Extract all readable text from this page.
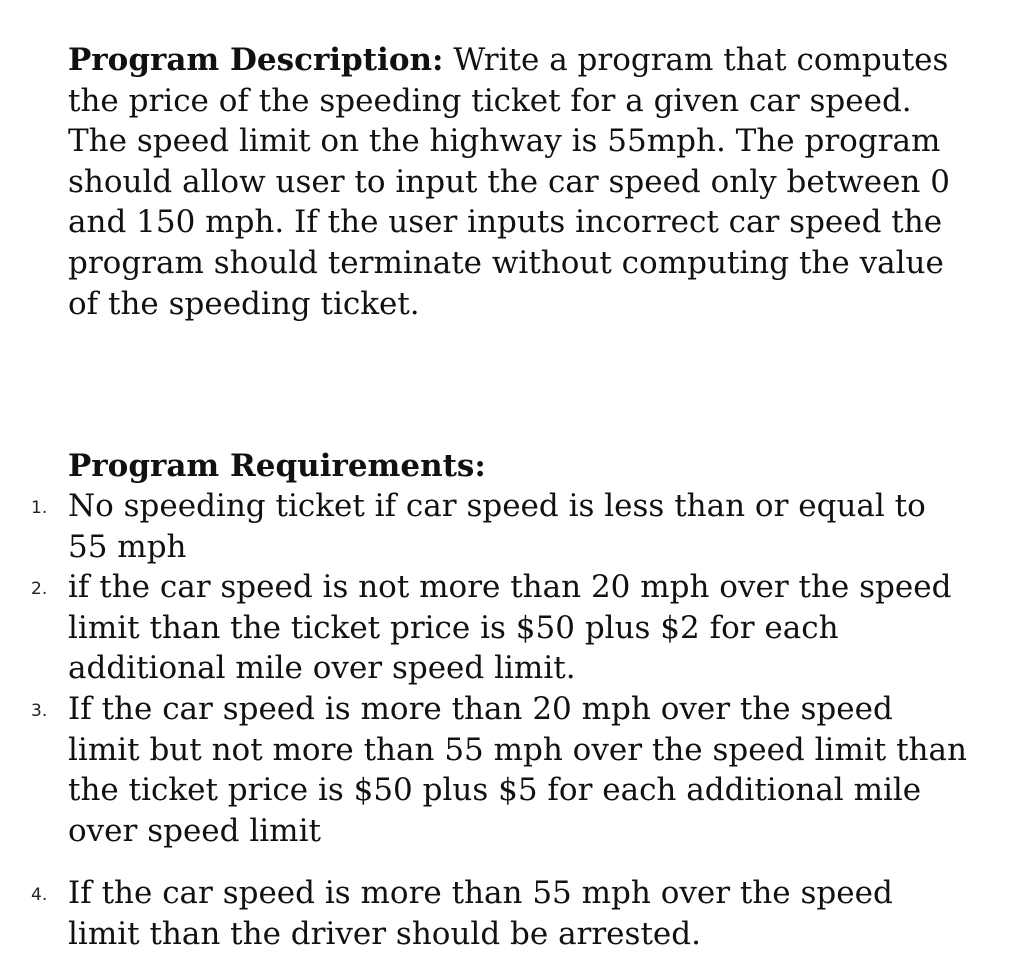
Program Description: Write a program that computes the price of the speeding ticket for a given car speed. The speed limit on the highway is 55mph. The program should allow user to input the car speed only between 0 and 150 mph. If the user inputs incorrect car speed the program should terminate without computing the value of the speeding ticket.

Program Requirements:

1. No speeding ticket if car speed is less than or equal to 55 mph
2. if the car speed is not more than 20 mph over the speed limit than the ticket price is $50 plus $2 for each additional mile over speed limit.
3. If the car speed is more than 20 mph over the speed limit but not more than 55 mph over the speed limit than the ticket price is $50 plus $5 for each additional mile over speed limit
4. If the car speed is more than 55 mph over the speed limit than the driver should be arrested.
